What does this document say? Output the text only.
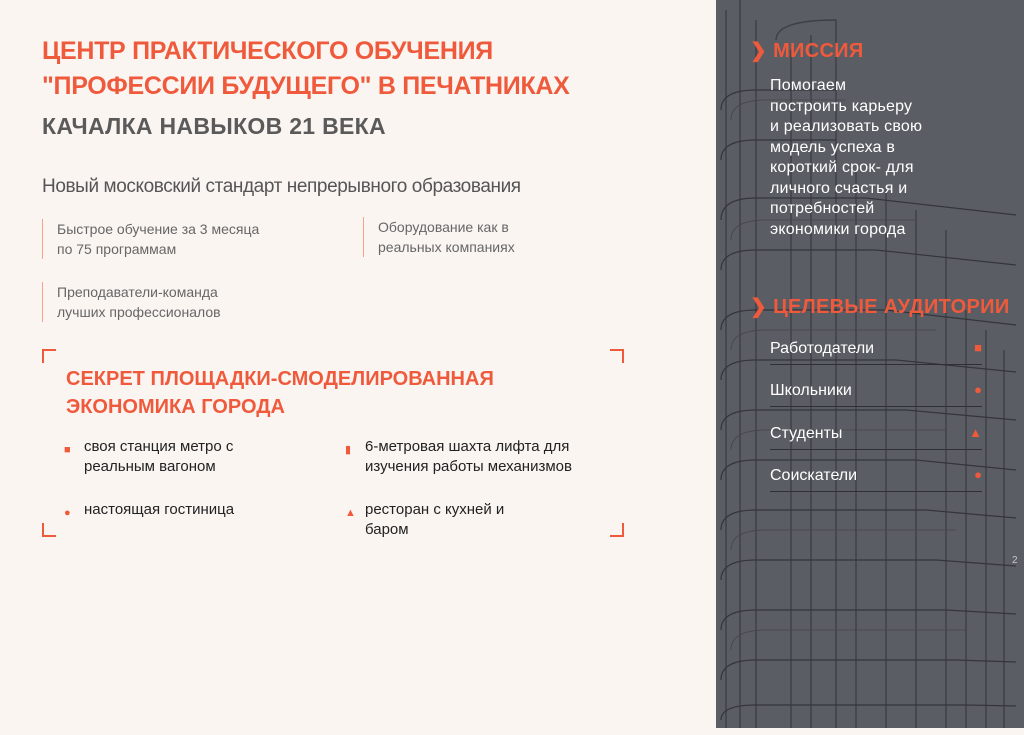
ЦЕНТР ПРАКТИЧЕСКОГО ОБУЧЕНИЯ
"ПРОФЕССИИ БУДУЩЕГО" В ПЕЧАТНИКАХ
КАЧАЛКА НАВЫКОВ 21 ВЕКА
Новый московский стандарт непрерывного образования
Быстрое обучение за 3 месяца
по 75 программам
Оборудование как в
реальных компаниях
Преподаватели-команда
лучших профессионалов
СЕКРЕТ ПЛОЩАДКИ-СМОДЕЛИРОВАННАЯ
ЭКОНОМИКА ГОРОДА
■ своя станция метро с
реальным вагоном
▮ 6-метровая шахта лифта для
изучения работы механизмов
● настоящая гостиница	▲ ресторан с кухней и
баром
❯ МИССИЯ
Помогаем
построить карьеру
и реализовать свою
модель успеха в
короткий срок- для
личного счастья и
потребностей
экономики города
❯ ЦЕЛЕВЫЕ АУДИТОРИИ
Работодатели	■
Школьники	●
Студенты	▲
Соискатели	●
2
